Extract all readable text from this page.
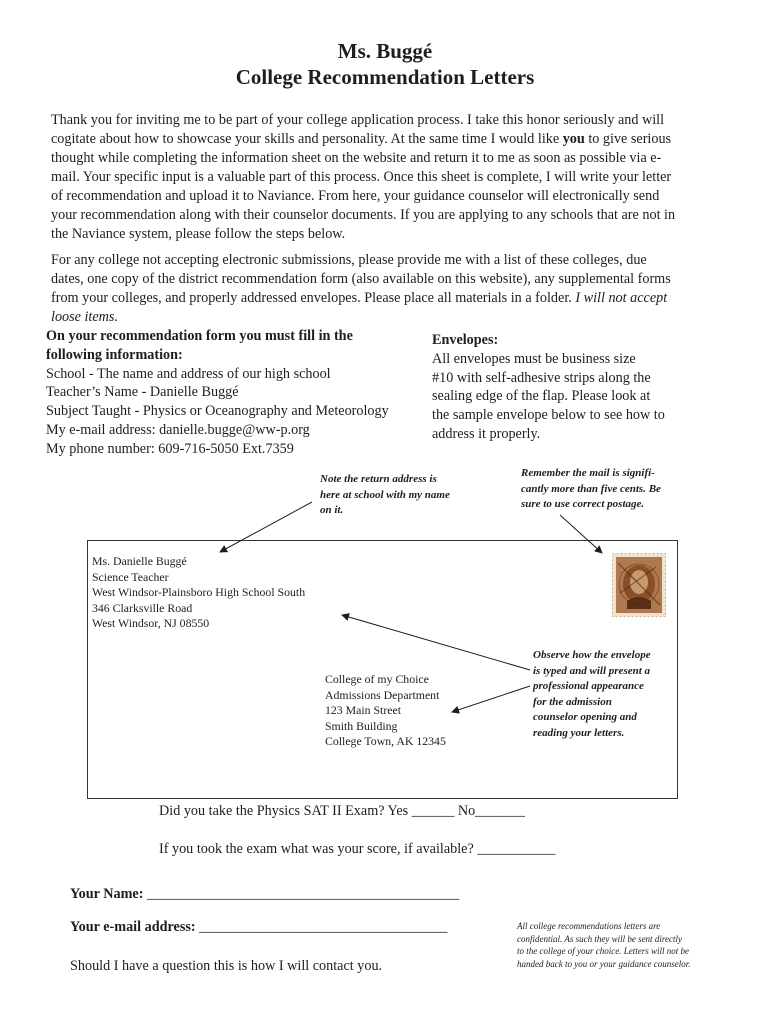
Ms. Buggé
College Recommendation Letters

Thank you for inviting me to be part of your college application process. I take this honor seriously and will
cogitate about how to showcase your skills and personality. At the same time I would like you to give serious
thought while completing the information sheet on the website and return it to me as soon as possible via e-
mail. Your specific input is a valuable part of this process. Once this sheet is complete, I will write your letter
of recommendation and upload it to Naviance. From here, your guidance counselor will electronically send
your recommendation along with their counselor documents. If you are applying to any schools that are not in
the Naviance system, please follow the steps below.

For any college not accepting electronic submissions, please provide me with a list of these colleges, due
dates, one copy of the district recommendation form (also available on this website), any supplemental forms
from your colleges, and properly addressed envelopes. Please place all materials in a folder. I will not accept
loose items.

On your recommendation form you must fill in the
following information:
School - The name and address of our high school
Teacher’s Name - Danielle Buggé
Subject Taught - Physics or Oceanography and Meteorology
My e-mail address: danielle.bugge@ww-p.org
My phone number: 609-716-5050 Ext.7359
Envelopes:
All envelopes must be business size
#10 with self-adhesive strips along the
sealing edge of the flap. Please look at
the sample envelope below to see how to
address it properly.
Note the return address is
here at school with my name
on it.
Remember the mail is signifi-
cantly more than five cents. Be
sure to use correct postage.
Ms. Danielle Buggé
Science Teacher
West Windsor-Plainsboro High School South
346 Clarksville Road
West Windsor, NJ 08550
College of my Choice
Admissions Department
123 Main Street
Smith Building
College Town, AK 12345
Observe how the envelope
is typed and will present a
professional appearance
for the admission
counselor opening and
reading your letters.
Did you take the Physics SAT II Exam? Yes ______ No_______
If you took the exam what was your score, if available? ___________
Your Name: ____________________________________________
Your e-mail address: ___________________________________
Should I have a question this is how I will contact you.
All college recommendations letters are
confidential. As such they will be sent directly
to the college of your choice. Letters will not be
handed back to you or your guidance counselor.
